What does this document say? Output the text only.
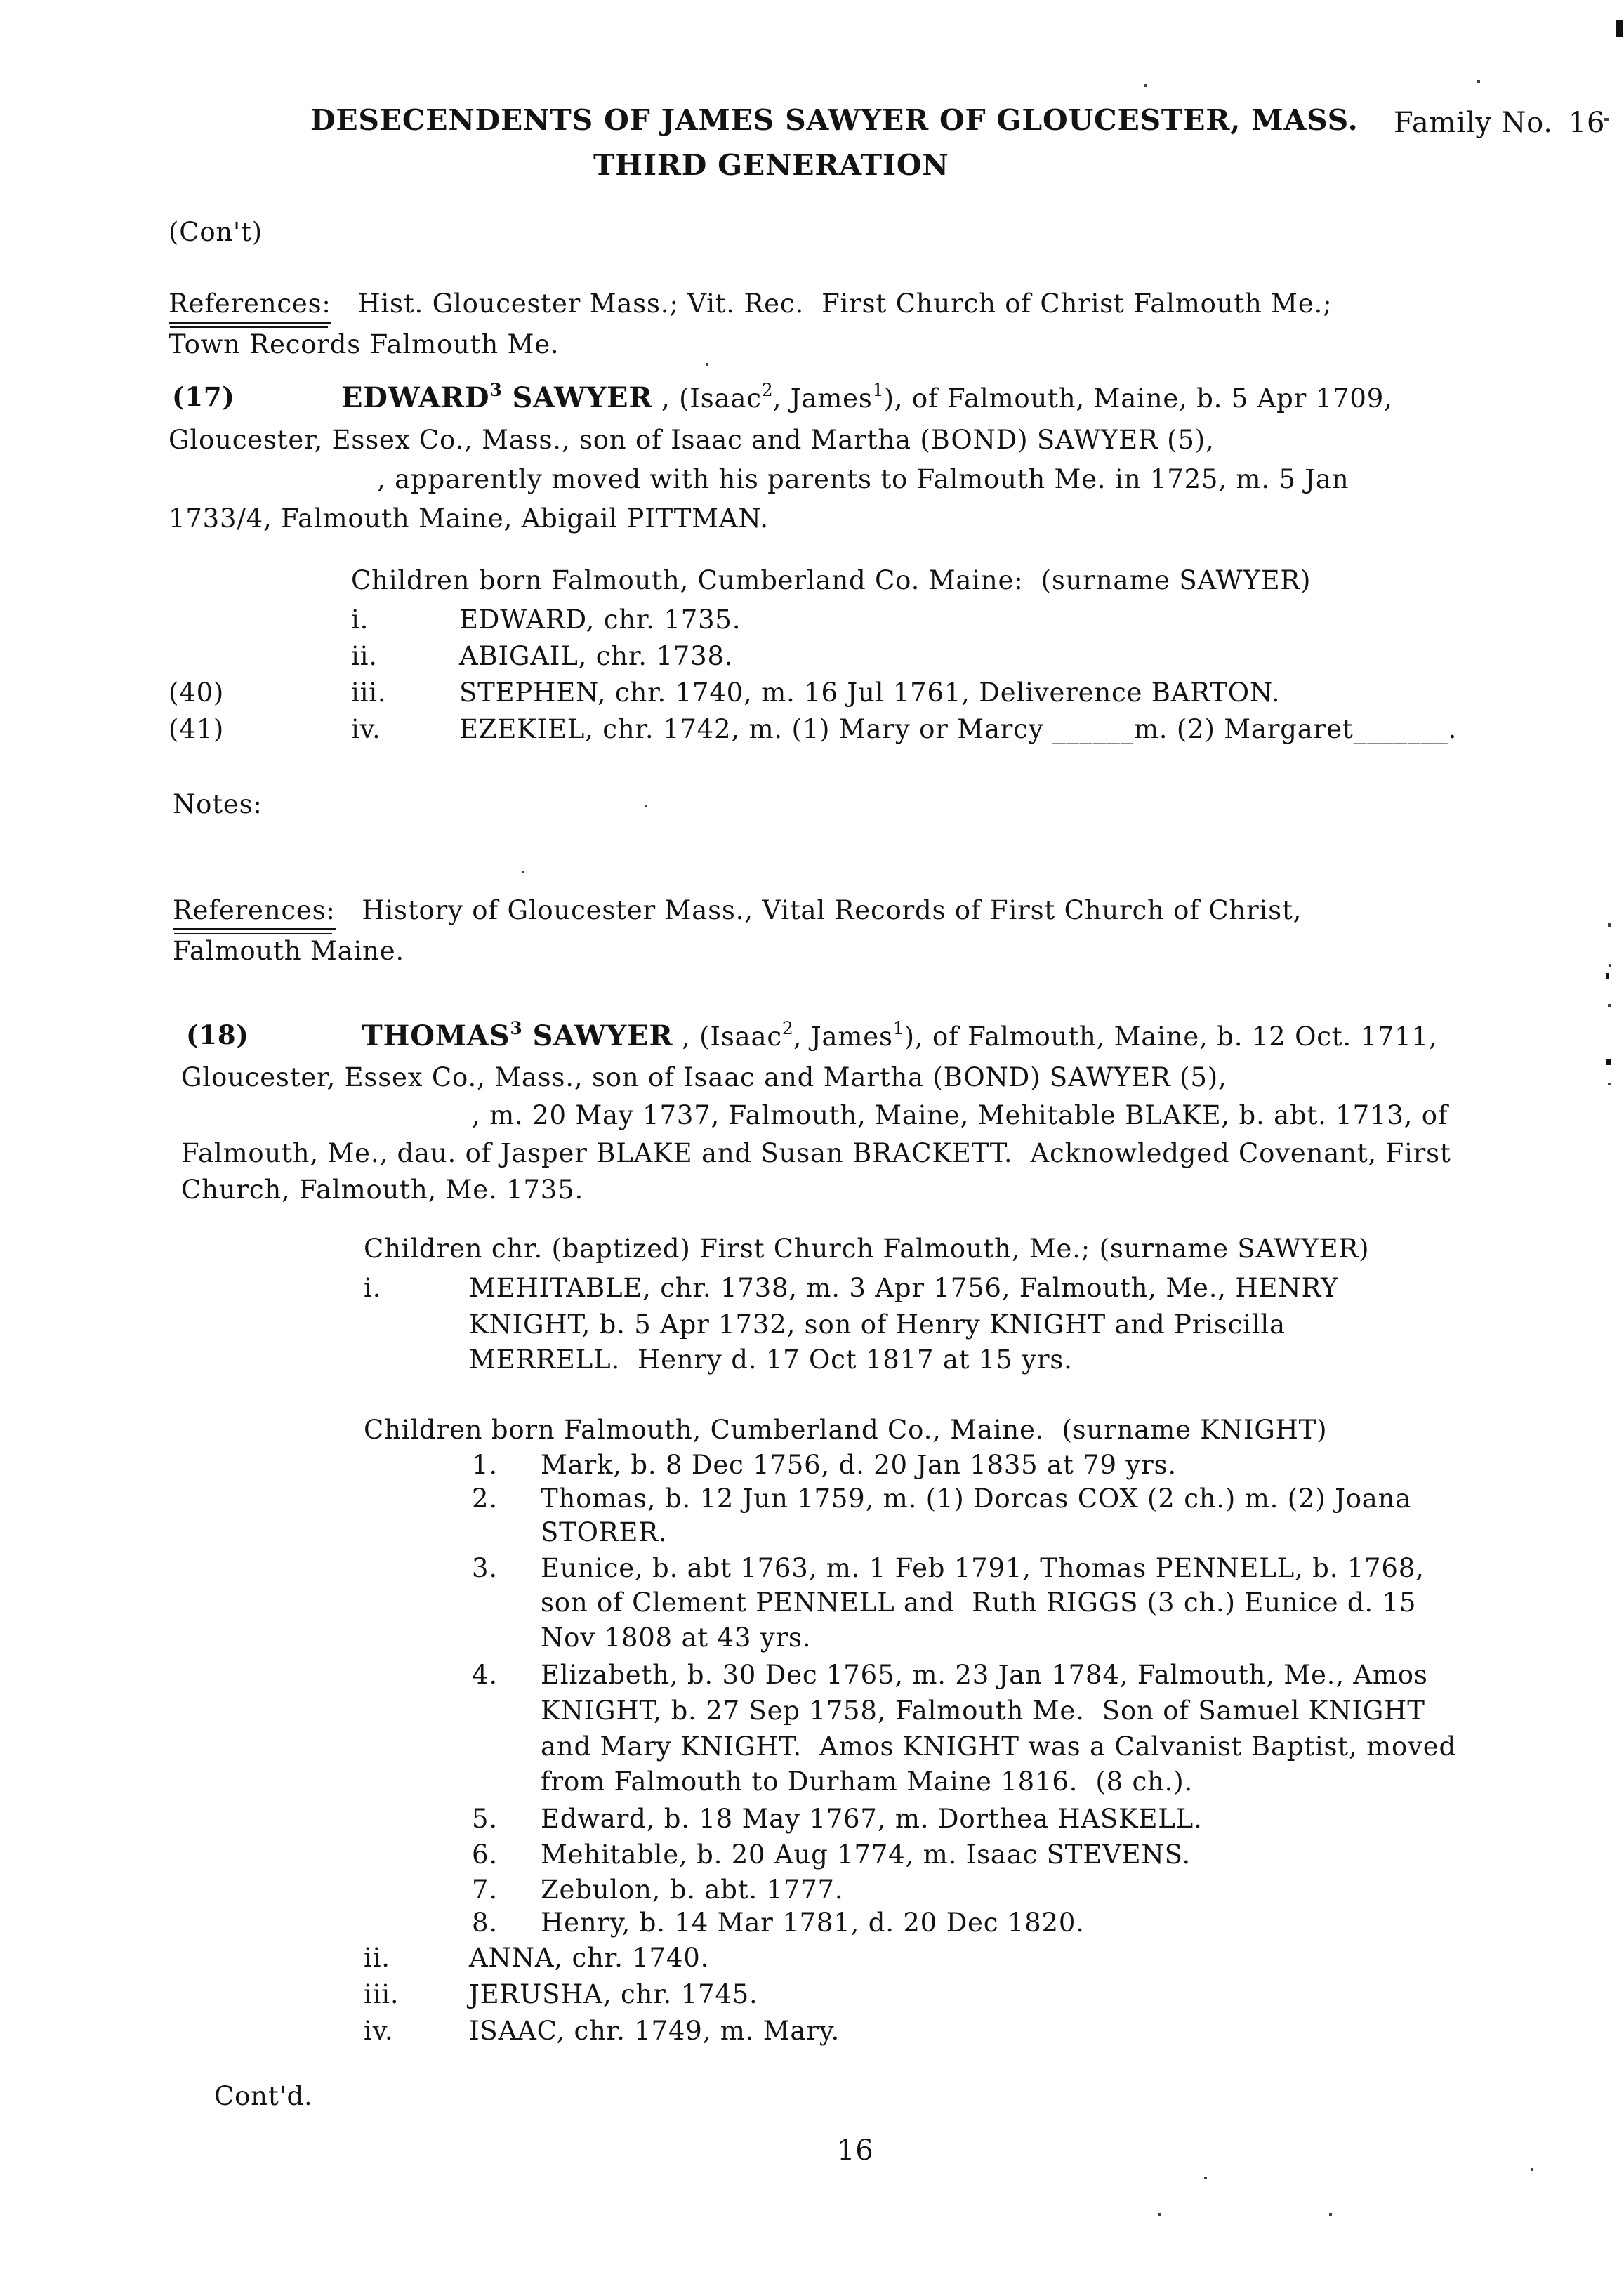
DESECENDENTS OF JAMES SAWYER OF GLOUCESTER, MASS. Family No. 16
THIRD GENERATION
(Con't)
References: Hist. Gloucester Mass.; Vit. Rec.  First Church of Christ Falmouth Me.;
Town Records Falmouth Me.
(17)	EDWARD$^3$ SAWYER , (Isaac$^2$, James$^1$), of Falmouth, Maine, b. 5 Apr 1709,
Gloucester, Essex Co., Mass., son of Isaac and Martha (BOND) SAWYER (5),
, apparently moved with his parents to Falmouth Me. in 1725, m. 5 Jan
1733/4, Falmouth Maine, Abigail PITTMAN.
Children born Falmouth, Cumberland Co. Maine:  (surname SAWYER)
i.	EDWARD, chr. 1735.
ii.	ABIGAIL, chr. 1738.
(40)	iii.	STEPHEN, chr. 1740, m. 16 Jul 1761, Deliverence BARTON.
(41)	iv.	EZEKIEL, chr. 1742, m. (1) Mary or Marcy ______m. (2) Margaret_______.
Notes:
References: History of Gloucester Mass., Vital Records of First Church of Christ,
Falmouth Maine.
(18)	THOMAS$^3$ SAWYER , (Isaac$^2$, James$^1$), of Falmouth, Maine, b. 12 Oct. 1711,
Gloucester, Essex Co., Mass., son of Isaac and Martha (BOND) SAWYER (5),
, m. 20 May 1737, Falmouth, Maine, Mehitable BLAKE, b. abt. 1713, of
Falmouth, Me., dau. of Jasper BLAKE and Susan BRACKETT.  Acknowledged Covenant, First
Church, Falmouth, Me. 1735.
Children chr. (baptized) First Church Falmouth, Me.; (surname SAWYER)
i.	MEHITABLE, chr. 1738, m. 3 Apr 1756, Falmouth, Me., HENRY
KNIGHT, b. 5 Apr 1732, son of Henry KNIGHT and Priscilla
MERRELL.  Henry d. 17 Oct 1817 at 15 yrs.
Children born Falmouth, Cumberland Co., Maine.  (surname KNIGHT)
1. Mark, b. 8 Dec 1756, d. 20 Jan 1835 at 79 yrs.
2. Thomas, b. 12 Jun 1759, m. (1) Dorcas COX (2 ch.) m. (2) Joana
STORER.
3. Eunice, b. abt 1763, m. 1 Feb 1791, Thomas PENNELL, b. 1768,
son of Clement PENNELL and  Ruth RIGGS (3 ch.) Eunice d. 15
Nov 1808 at 43 yrs.
4. Elizabeth, b. 30 Dec 1765, m. 23 Jan 1784, Falmouth, Me., Amos
KNIGHT, b. 27 Sep 1758, Falmouth Me.  Son of Samuel KNIGHT
and Mary KNIGHT.  Amos KNIGHT was a Calvanist Baptist, moved
from Falmouth to Durham Maine 1816.  (8 ch.).
5. Edward, b. 18 May 1767, m. Dorthea HASKELL.
6. Mehitable, b. 20 Aug 1774, m. Isaac STEVENS.
7. Zebulon, b. abt. 1777.
8. Henry, b. 14 Mar 1781, d. 20 Dec 1820.
ii.	ANNA, chr. 1740.
iii.	JERUSHA, chr. 1745.
iv.	ISAAC, chr. 1749, m. Mary.
Cont'd.
16
